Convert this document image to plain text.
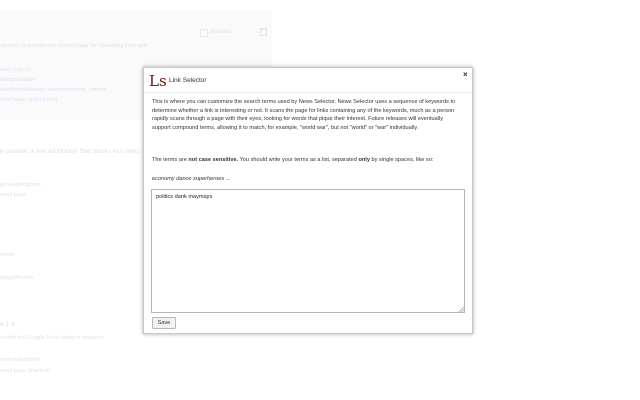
Enabled
xtension that scans the current page for interesting links and
load (Ctrl+F)
bnfcgdoidlpjoe
tcamf/repath/news-selector/chrome_version
ound page options.html
e parable, a few ad blocker that blocks ALL annc
gooeegbfcgibom
ound page
ments
egkjojfhkokhe
e 1.4
re with the Google Docs family of products.
nmmchlbafdnhlh
ound page (Inactive)
Ls Link Selector
×
This is where you can customize the search terms used by News Selector. News Selector uses a sequence of keywords to determine whether a link is interesting or not. It scans the page for links containing any of the keywords, much as a person rapidly scans through a page with their eyes, looking for words that pique their interest. Future releases will eventually support compound terms, allowing it to match, for example, "world war", but not "world" or "war" individually.
The terms are not case sensitive. You should write your terms as a list, separated only by single spaces, like so:
economy dance superheroes ...
politics dank maymays
Save
